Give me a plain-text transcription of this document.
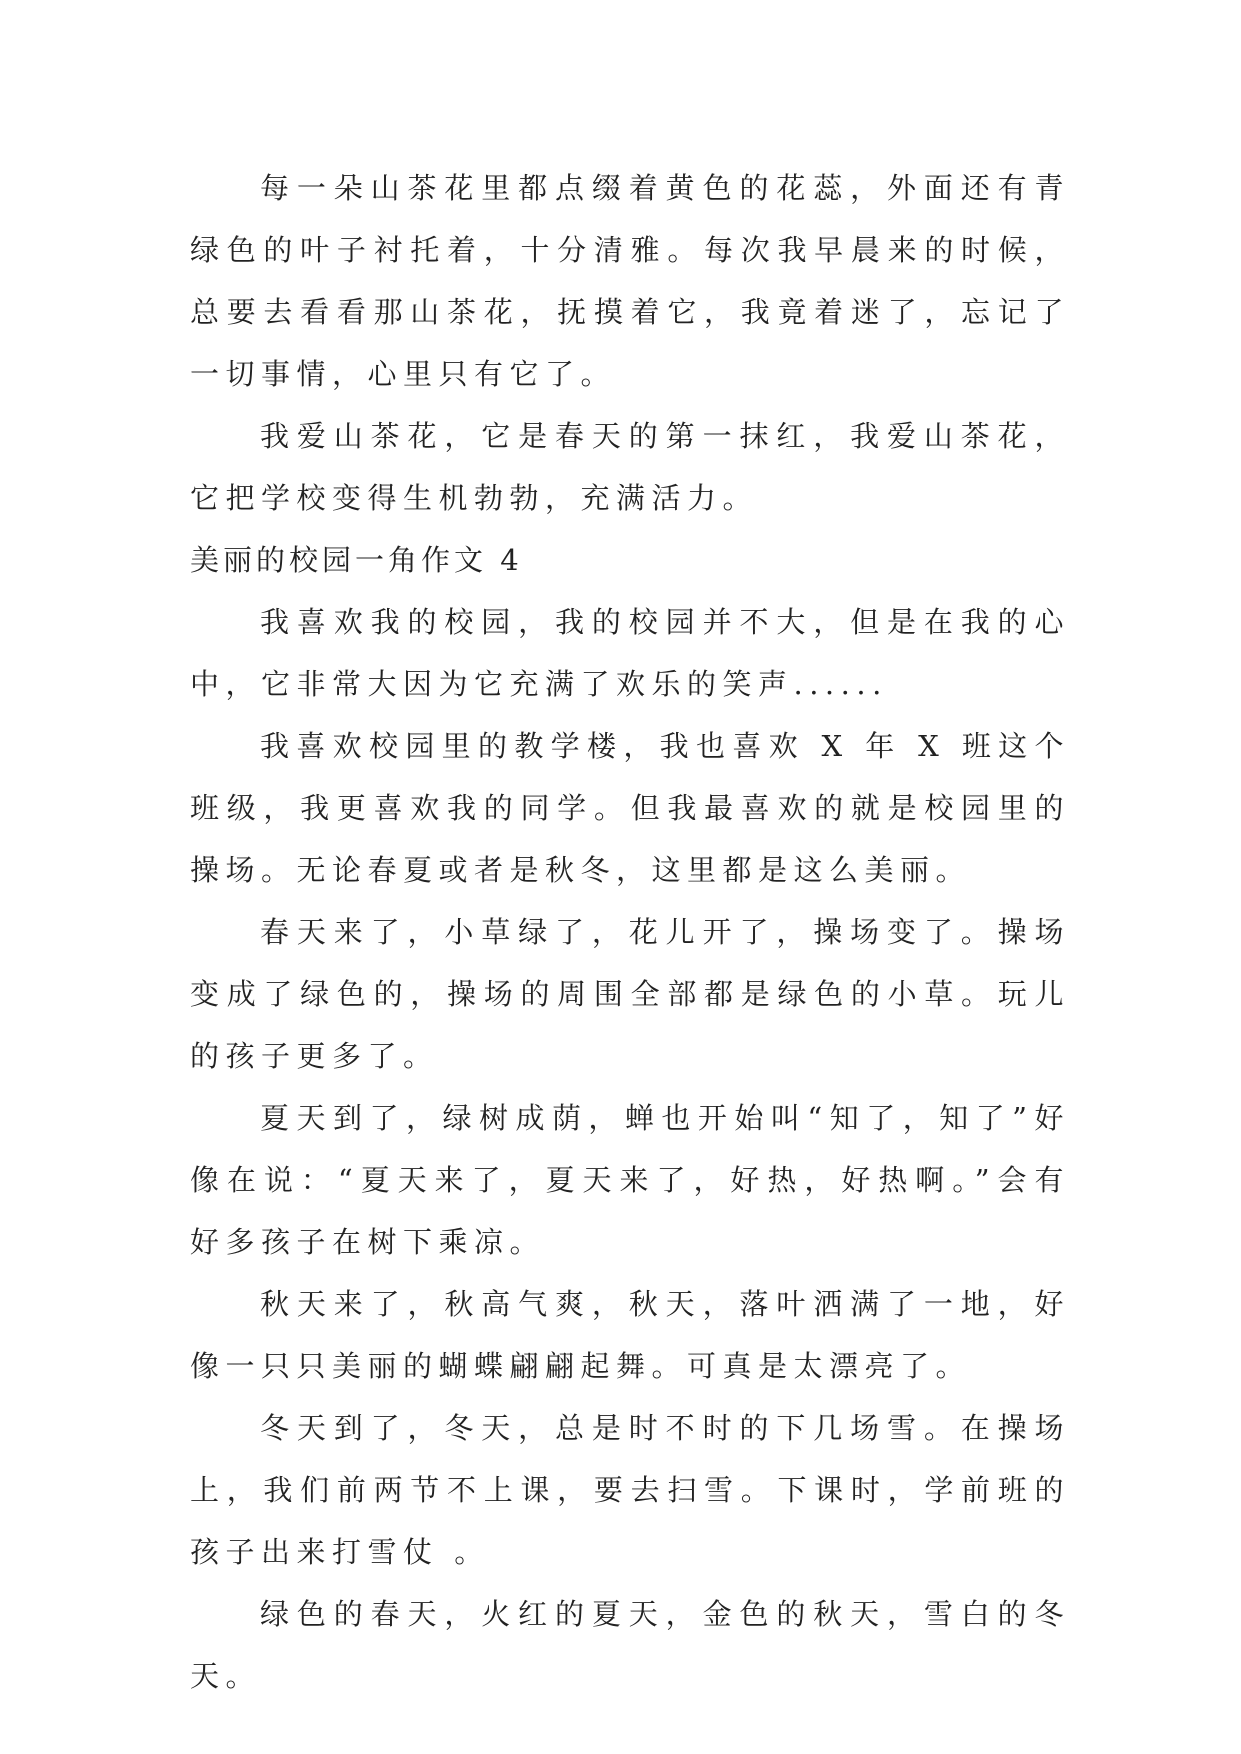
每一朵山茶花里都点缀着黄色的花蕊，外面还有青绿色的叶子衬托着，十分清雅。每次我早晨来的时候，总要去看看那山茶花，抚摸着它，我竟着迷了，忘记了一切事情，心里只有它了。

我爱山茶花，它是春天的第一抹红，我爱山茶花，它把学校变得生机勃勃，充满活力。

美丽的校园一角作文 4

我喜欢我的校园，我的校园并不大，但是在我的心中，它非常大因为它充满了欢乐的笑声......

我喜欢校园里的教学楼，我也喜欢 X 年 X 班这个班级，我更喜欢我的同学。但我最喜欢的就是校园里的操场。无论春夏或者是秋冬，这里都是这么美丽。

春天来了，小草绿了，花儿开了，操场变了。操场变成了绿色的，操场的周围全部都是绿色的小草。玩儿的孩子更多了。

夏天到了，绿树成荫，蝉也开始叫“知了，知了”好像在说：“夏天来了，夏天来了，好热，好热啊。”会有好多孩子在树下乘凉。

秋天来了，秋高气爽，秋天，落叶洒满了一地，好像一只只美丽的蝴蝶翩翩起舞。可真是太漂亮了。

冬天到了，冬天，总是时不时的下几场雪。在操场上，我们前两节不上课，要去扫雪。下课时，学前班的孩子出来打雪仗 。

绿色的春天，火红的夏天，金色的秋天，雪白的冬天。
